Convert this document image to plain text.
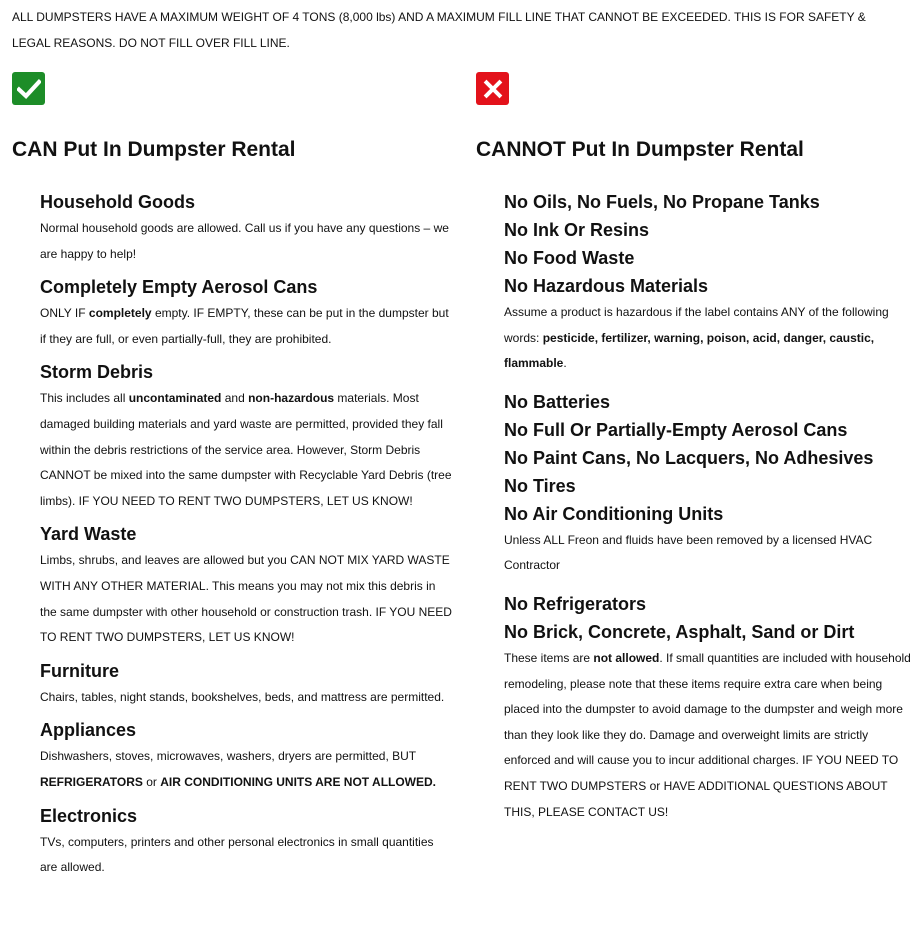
ALL DUMPSTERS HAVE A MAXIMUM WEIGHT OF 4 TONS (8,000 lbs) AND A MAXIMUM FILL LINE THAT CANNOT BE EXCEEDED. THIS IS FOR SAFETY & LEGAL REASONS. DO NOT FILL OVER FILL LINE.

CAN Put In Dumpster Rental
Household Goods

Normal household goods are allowed. Call us if you have any questions – we are happy to help!

Completely Empty Aerosol Cans

ONLY IF completely empty. IF EMPTY, these can be put in the dumpster but if they are full, or even partially-full, they are prohibited.

Storm Debris

This includes all uncontaminated and non-hazardous materials. Most damaged building materials and yard waste are permitted, provided they fall within the debris restrictions of the service area. However, Storm Debris CANNOT be mixed into the same dumpster with Recyclable Yard Debris (tree limbs). IF YOU NEED TO RENT TWO DUMPSTERS, LET US KNOW!

Yard Waste

Limbs, shrubs, and leaves are allowed but you CAN NOT MIX YARD WASTE WITH ANY OTHER MATERIAL. This means you may not mix this debris in the same dumpster with other household or construction trash. IF YOU NEED TO RENT TWO DUMPSTERS, LET US KNOW!

Furniture

Chairs, tables, night stands, bookshelves, beds, and mattress are permitted.

Appliances

Dishwashers, stoves, microwaves, washers, dryers are permitted, BUT REFRIGERATORS or AIR CONDITIONING UNITS ARE NOT ALLOWED.

Electronics

TVs, computers, printers and other personal electronics in small quantities are allowed.

CANNOT Put In Dumpster Rental
No Oils, No Fuels, No Propane Tanks
No Ink Or Resins
No Food Waste
No Hazardous Materials

Assume a product is hazardous if the label contains ANY of the following words: pesticide, fertilizer, warning, poison, acid, danger, caustic, flammable.

No Batteries
No Full Or Partially-Empty Aerosol Cans
No Paint Cans, No Lacquers, No Adhesives
No Tires
No Air Conditioning Units

Unless ALL Freon and fluids have been removed by a licensed HVAC Contractor

No Refrigerators
No Brick, Concrete, Asphalt, Sand or Dirt

These items are not allowed. If small quantities are included with household remodeling, please note that these items require extra care when being placed into the dumpster to avoid damage to the dumpster and weigh more than they look like they do. Damage and overweight limits are strictly enforced and will cause you to incur additional charges. IF YOU NEED TO RENT TWO DUMPSTERS or HAVE ADDITIONAL QUESTIONS ABOUT THIS, PLEASE CONTACT US!
